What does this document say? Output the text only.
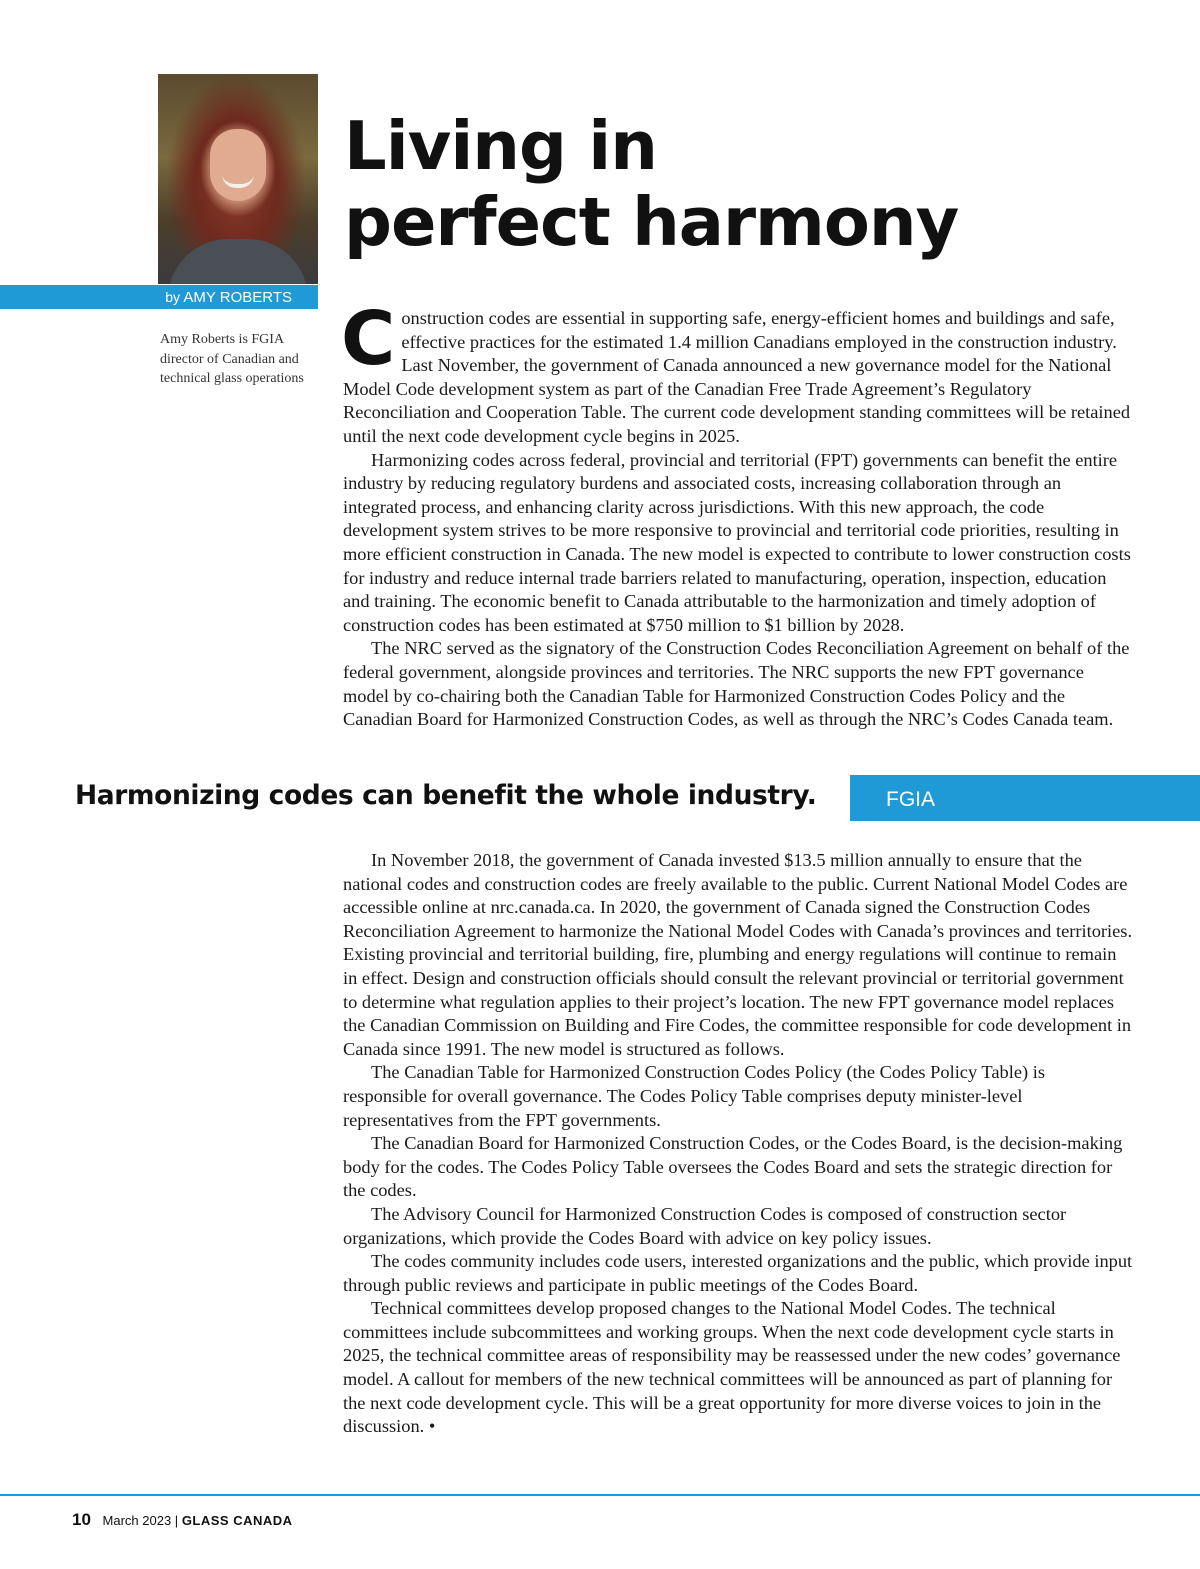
by AMY ROBERTS
Amy Roberts is FGIA director of Canadian and technical glass operations
Living in
perfect harmony

Construction codes are essential in supporting safe, energy-efficient homes and buildings and safe, effective practices for the estimated 1.4 million Canadians employed in the construction industry. Last November, the government of Canada announced a new governance model for the National Model Code development system as part of the Canadian Free Trade Agreement’s Regulatory Reconciliation and Cooperation Table. The current code development standing committees will be retained until the next code development cycle begins in 2025.

Harmonizing codes across federal, provincial and territorial (FPT) governments can benefit the entire industry by reducing regulatory burdens and associated costs, increasing collaboration through an integrated process, and enhancing clarity across jurisdictions. With this new approach, the code development system strives to be more responsive to provincial and territorial code priorities, resulting in more efficient construction in Canada. The new model is expected to contribute to lower construction costs for industry and reduce internal trade barriers related to manufacturing, operation, inspection, education and training. The economic benefit to Canada attributable to the harmonization and timely adoption of construction codes has been estimated at $750 million to $1 billion by 2028.

The NRC served as the signatory of the Construction Codes Reconciliation Agreement on behalf of the federal government, alongside provinces and territories. The NRC supports the new FPT governance model by co-chairing both the Canadian Table for Harmonized Construction Codes Policy and the Canadian Board for Harmonized Construction Codes, as well as through the NRC’s Codes Canada team.

Harmonizing codes can benefit the whole industry.	FGIA

In November 2018, the government of Canada invested $13.5 million annually to ensure that the national codes and construction codes are freely available to the public. Current National Model Codes are accessible online at nrc.canada.ca. In 2020, the government of Canada signed the Construction Codes Reconciliation Agreement to harmonize the National Model Codes with Canada’s provinces and territories. Existing provincial and territorial building, fire, plumbing and energy regulations will continue to remain in effect. Design and construction officials should consult the relevant provincial or territorial government to determine what regulation applies to their project’s location. The new FPT governance model replaces the Canadian Commission on Building and Fire Codes, the committee responsible for code development in Canada since 1991. The new model is structured as follows.

The Canadian Table for Harmonized Construction Codes Policy (the Codes Policy Table) is responsible for overall governance. The Codes Policy Table comprises deputy minister-level representatives from the FPT governments.

The Canadian Board for Harmonized Construction Codes, or the Codes Board, is the decision-making body for the codes. The Codes Policy Table oversees the Codes Board and sets the strategic direction for the codes.

The Advisory Council for Harmonized Construction Codes is composed of construction sector organizations, which provide the Codes Board with advice on key policy issues.

The codes community includes code users, interested organizations and the public, which provide input through public reviews and participate in public meetings of the Codes Board.

Technical committees develop proposed changes to the National Model Codes. The technical committees include subcommittees and working groups. When the next code development cycle starts in 2025, the technical committee areas of responsibility may be reassessed under the new codes’ governance model. A callout for members of the new technical committees will be announced as part of planning for the next code development cycle. This will be a great opportunity for more diverse voices to join in the discussion. •

10 March 2023 | GLASS CANADA
